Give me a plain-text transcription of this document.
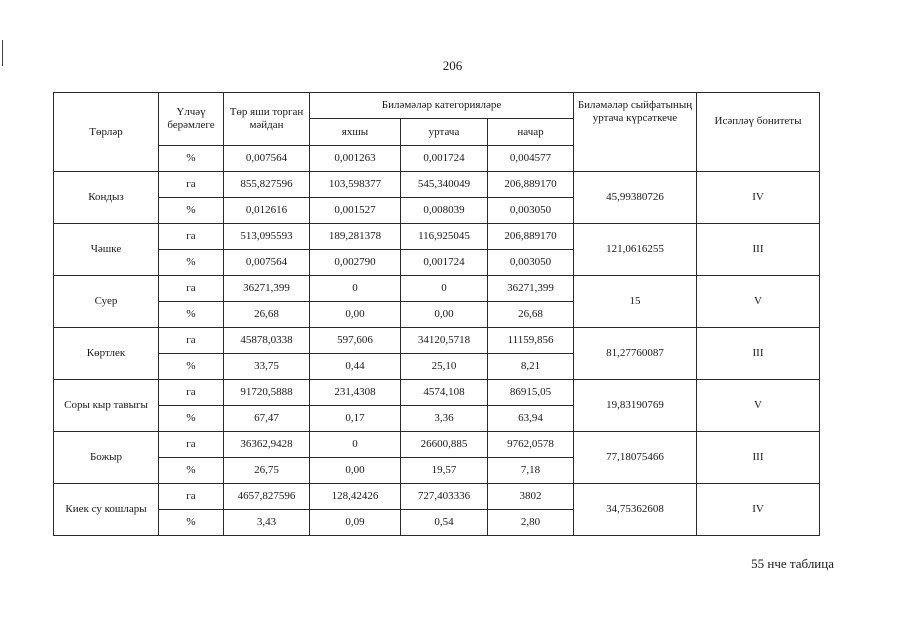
206
Төрләр	Үлчәү берәмлеге	Төр яши торган мәйдан	Биләмәләр категорияләре			Биләмәләр сыйфатының уртача күрсәткече	Исәпләү бонитеты
			яхшы	уртача	начар		
	%	0,007564	0,001263	0,001724	0,004577		
Кондыз	га	855,827596	103,598377	545,340049	206,889170	45,99380726	IV
	%	0,012616	0,001527	0,008039	0,003050		
Чәшке	га	513,095593	189,281378	116,925045	206,889170	121,0616255	III
	%	0,007564	0,002790	0,001724	0,003050		
Суер	га	36271,399	0	0	36271,399	15	V
	%	26,68	0,00	0,00	26,68		
Көртлек	га	45878,0338	597,606	34120,5718	11159,856	81,27760087	III
	%	33,75	0,44	25,10	8,21		
Соры кыр тавыгы	га	91720,5888	231,4308	4574,108	86915,05	19,83190769	V
	%	67,47	0,17	3,36	63,94		
Божыр	га	36362,9428	0	26600,885	9762,0578	77,18075466	III
	%	26,75	0,00	19,57	7,18		
Киек су кошлары	га	4657,827596	128,42426	727,403336	3802	34,75362608	IV
	%	3,43	0,09	0,54	2,80		
55 нче таблица
